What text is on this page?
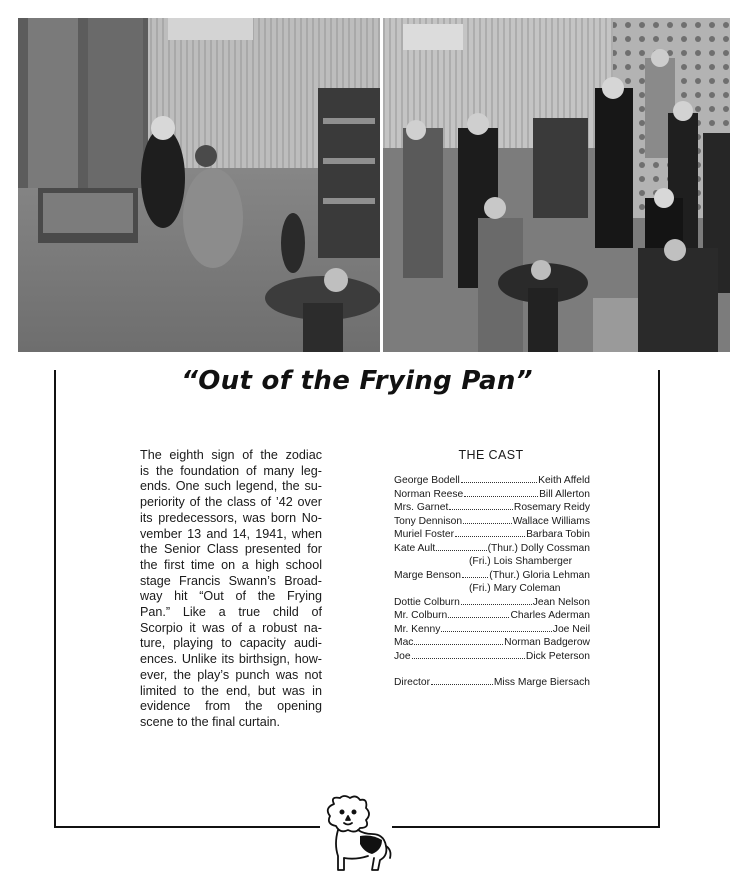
“Out of the Frying Pan”
The eighth sign of the zodiac
is the foundation of many leg-
ends. One such legend, the su-
periority of the class of ’42 over
its predecessors, was born No-
vember 13 and 14, 1941, when
the Senior Class presented for
the first time on a high school
stage Francis Swann’s Broad-
way hit “Out of the Frying
Pan.” Like a true child of
Scorpio it was of a robust na-
ture, playing to capacity audi-
ences. Unlike its birthsign, how-
ever, the play’s punch was not
limited to the end, but was in
evidence from the opening
scene to the final curtain.
THE CAST
George Bodell	Keith Affeld
Norman Reese	Bill Allerton
Mrs. Garnet	Rosemary Reidy
Tony Dennison	Wallace Williams
Muriel Foster	Barbara Tobin
Kate Ault	(Thur.) Dolly Cossman
(Fri.) Lois Shamberger
Marge Benson	(Thur.) Gloria Lehman
(Fri.) Mary Coleman
Dottie Colburn	Jean Nelson
Mr. Colburn	Charles Aderman
Mr. Kenny	Joe Neil
Mac	Norman Badgerow
Joe	Dick Peterson
Director	Miss Marge Biersach
